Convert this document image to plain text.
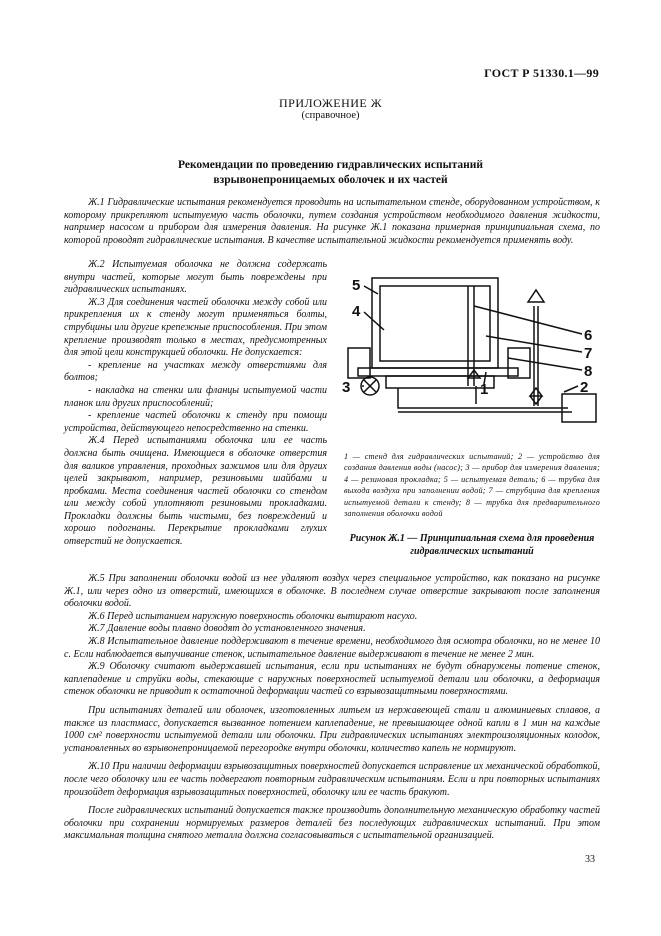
ГОСТ Р 51330.1—99
ПРИЛОЖЕНИЕ Ж
(справочное)
Рекомендации по проведению гидравлических испытаний
взрывонепроницаемых оболочек и их частей

Ж.1 Гидравлические испытания рекомендуется проводить на испытательном стенде, оборудованном устройством, к которому прикрепляют испытуемую часть оболочки, путем создания устройством необходимого давления жидкости, например насосом и прибором для измерения давления. На рисунке Ж.1 показана примерная принципиальная схема, по которой проводят гидравлические испытания. В качестве испытательной жидкости рекомендуется применять воду.

Ж.2 Испытуемая оболочка не должна содержать внутри частей, которые могут быть повреждены при гидравлических испытаниях.

Ж.3 Для соединения частей оболочки между собой или прикрепления их к стенду могут применяться болты, струбцины или другие крепежные приспособления. При этом крепление производят только в местах, предусмотренных для этой цели конструкцией оболочки. Не допускается:

- крепление на участках между отверстиями для болтов;

- накладка на стенки или фланцы испытуемой части планок или других приспособлений;

- крепление частей оболочки к стенду при помощи устройства, действующего непосредственно на стенки.

Ж.4 Перед испытаниями оболочка или ее часть должна быть очищена. Имеющиеся в оболочке отверстия для валиков управления, проходных зажимов или для других целей закрывают, например, резиновыми шайбами и пробками. Места соединения частей оболочки со стендом или между собой уплотняют резиновыми прокладками. Прокладки должны быть чистыми, без повреждений и хорошо подогнаны. Перекрытие прокладками глухих отверстий не допускается.

5
4
3	1
6
7
8
2

1 — стенд для гидравлических испытаний; 2 — устройство для создания давления воды (насос); 3 — прибор для измерения давления; 4 — резиновая прокладка; 5 — испытуемая деталь; 6 — трубка для выхода воздуха при заполнении водой; 7 — струбцина для крепления испытуемой детали к стенду; 8 — трубка для предварительного заполнения оболочки водой

Рисунок Ж.1 — Принципиальная схема для проведения гидравлических испытаний

Ж.5 При заполнении оболочки водой из нее удаляют воздух через специальное устройство, как показано на рисунке Ж.1, или через одно из отверстий, имеющихся в оболочке. В последнем случае отверстие закрывают после заполнения оболочки водой.

Ж.6 Перед испытанием наружную поверхность оболочки вытирают насухо.

Ж.7 Давление воды плавно доводят до установленного значения.

Ж.8 Испытательное давление поддерживают в течение времени, необходимого для осмотра оболочки, но не менее 10 с. Если наблюдается выпучивание стенок, испытательное давление выдерживают в течение не менее 2 мин.

Ж.9 Оболочку считают выдержавшей испытания, если при испытаниях не будут обнаружены потение стенок, каплепадение и струйки воды, стекающие с наружных поверхностей испытуемой детали или оболочки, а деформация стенок оболочки не приводит к остаточной деформации частей со взрывозащитными поверхностями.

При испытаниях деталей или оболочек, изготовленных литьем из нержавеющей стали и алюминиевых сплавов, а также из пластмасс, допускается вызванное потением каплепадение, не превышающее одной капли в 1 мин на каждые 1000 см² поверхности испытуемой детали или оболочки. При гидравлических испытаниях электроизоляционных колодок, установленных во взрывонепроницаемой перегородке внутри оболочки, количество капель не нормируют.

Ж.10 При наличии деформации взрывозащитных поверхностей допускается исправление их механической обработкой, после чего оболочку или ее часть подвергают повторным гидравлическим испытаниям. Если и при повторных испытаниях произойдет деформация взрывозащитных поверхностей, оболочку или ее часть бракуют.

После гидравлических испытаний допускается также производить дополнительную механическую обработку частей оболочки при сохранении нормируемых размеров деталей без последующих гидравлических испытаний. При этом максимальная толщина снятого металла должна согласовываться с испытательной организацией.

33
